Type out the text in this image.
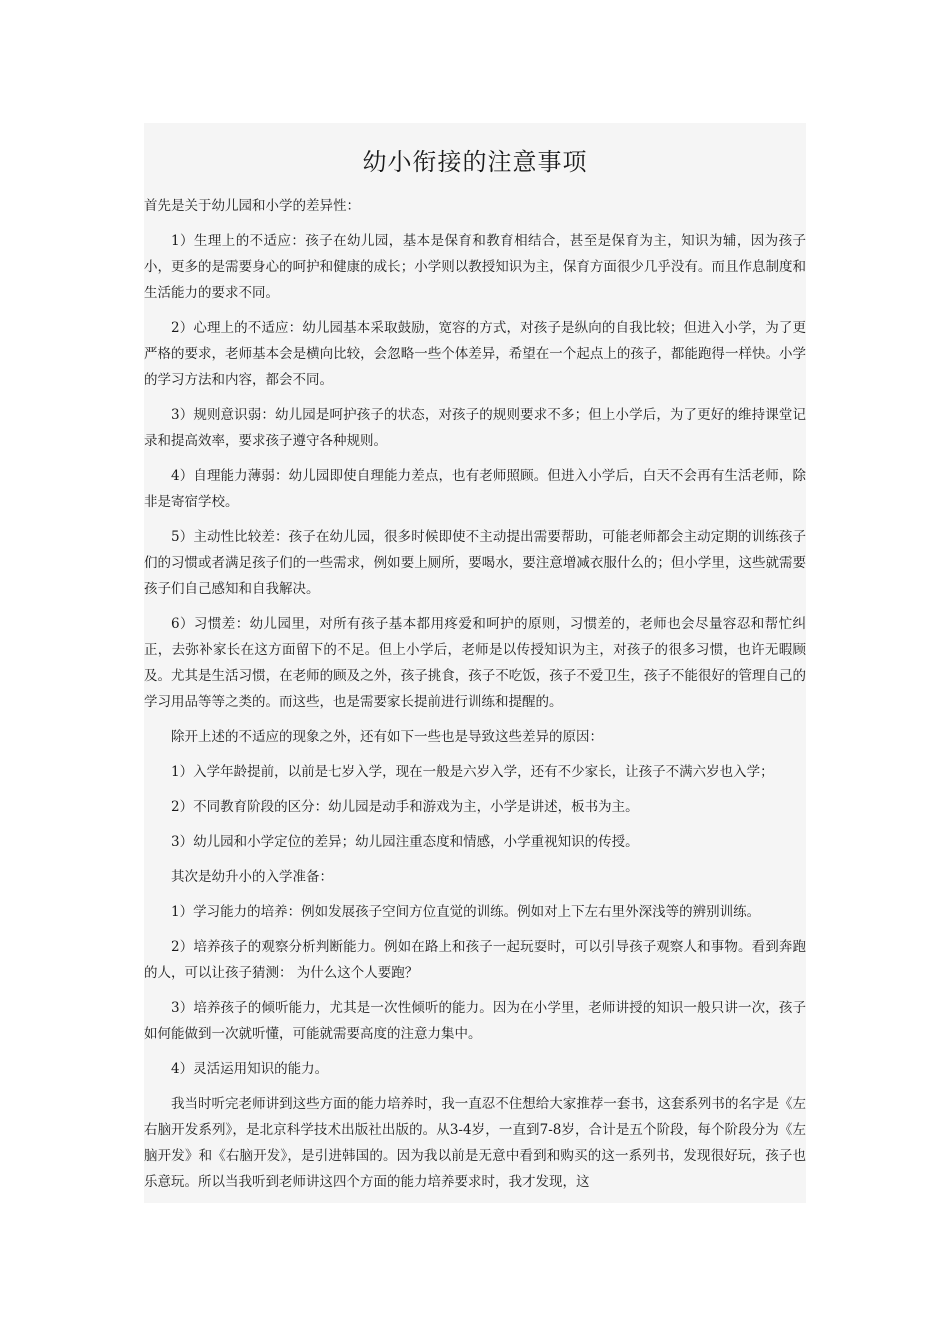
幼小衔接的注意事项

首先是关于幼儿园和小学的差异性：

1）生理上的不适应：孩子在幼儿园，基本是保育和教育相结合，甚至是保育为主，知识为辅，因为孩子小，更多的是需要身心的呵护和健康的成长；小学则以教授知识为主，保育方面很少几乎没有。而且作息制度和生活能力的要求不同。

2）心理上的不适应：幼儿园基本采取鼓励，宽容的方式，对孩子是纵向的自我比较；但进入小学，为了更严格的要求，老师基本会是横向比较，会忽略一些个体差异，希望在一个起点上的孩子，都能跑得一样快。小学的学习方法和内容，都会不同。

3）规则意识弱：幼儿园是呵护孩子的状态，对孩子的规则要求不多；但上小学后，为了更好的维持课堂记录和提高效率，要求孩子遵守各种规则。

4）自理能力薄弱：幼儿园即使自理能力差点，也有老师照顾。但进入小学后，白天不会再有生活老师，除非是寄宿学校。

5）主动性比较差：孩子在幼儿园，很多时候即使不主动提出需要帮助，可能老师都会主动定期的训练孩子们的习惯或者满足孩子们的一些需求，例如要上厕所，要喝水，要注意增减衣服什么的；但小学里，这些就需要孩子们自己感知和自我解决。

6）习惯差：幼儿园里，对所有孩子基本都用疼爱和呵护的原则，习惯差的，老师也会尽量容忍和帮忙纠正，去弥补家长在这方面留下的不足。但上小学后，老师是以传授知识为主，对孩子的很多习惯，也许无暇顾及。尤其是生活习惯，在老师的顾及之外，孩子挑食，孩子不吃饭，孩子不爱卫生，孩子不能很好的管理自己的学习用品等等之类的。而这些，也是需要家长提前进行训练和提醒的。

除开上述的不适应的现象之外，还有如下一些也是导致这些差异的原因：

1）入学年龄提前，以前是七岁入学，现在一般是六岁入学，还有不少家长，让孩子不满六岁也入学；

2）不同教育阶段的区分：幼儿园是动手和游戏为主，小学是讲述，板书为主。

3）幼儿园和小学定位的差异；幼儿园注重态度和情感，小学重视知识的传授。

其次是幼升小的入学准备：

1）学习能力的培养：例如发展孩子空间方位直觉的训练。例如对上下左右里外深浅等的辨别训练。

2）培养孩子的观察分析判断能力。例如在路上和孩子一起玩耍时，可以引导孩子观察人和事物。看到奔跑的人，可以让孩子猜测： 为什么这个人要跑？

3）培养孩子的倾听能力，尤其是一次性倾听的能力。因为在小学里，老师讲授的知识一般只讲一次，孩子如何能做到一次就听懂，可能就需要高度的注意力集中。

4）灵活运用知识的能力。

我当时听完老师讲到这些方面的能力培养时，我一直忍不住想给大家推荐一套书，这套系列书的名字是《左右脑开发系列》，是北京科学技术出版社出版的。从3-4岁，一直到7-8岁，合计是五个阶段，每个阶段分为《左脑开发》和《右脑开发》，是引进韩国的。因为我以前是无意中看到和购买的这一系列书，发现很好玩，孩子也乐意玩。所以当我听到老师讲这四个方面的能力培养要求时，我才发现，这
